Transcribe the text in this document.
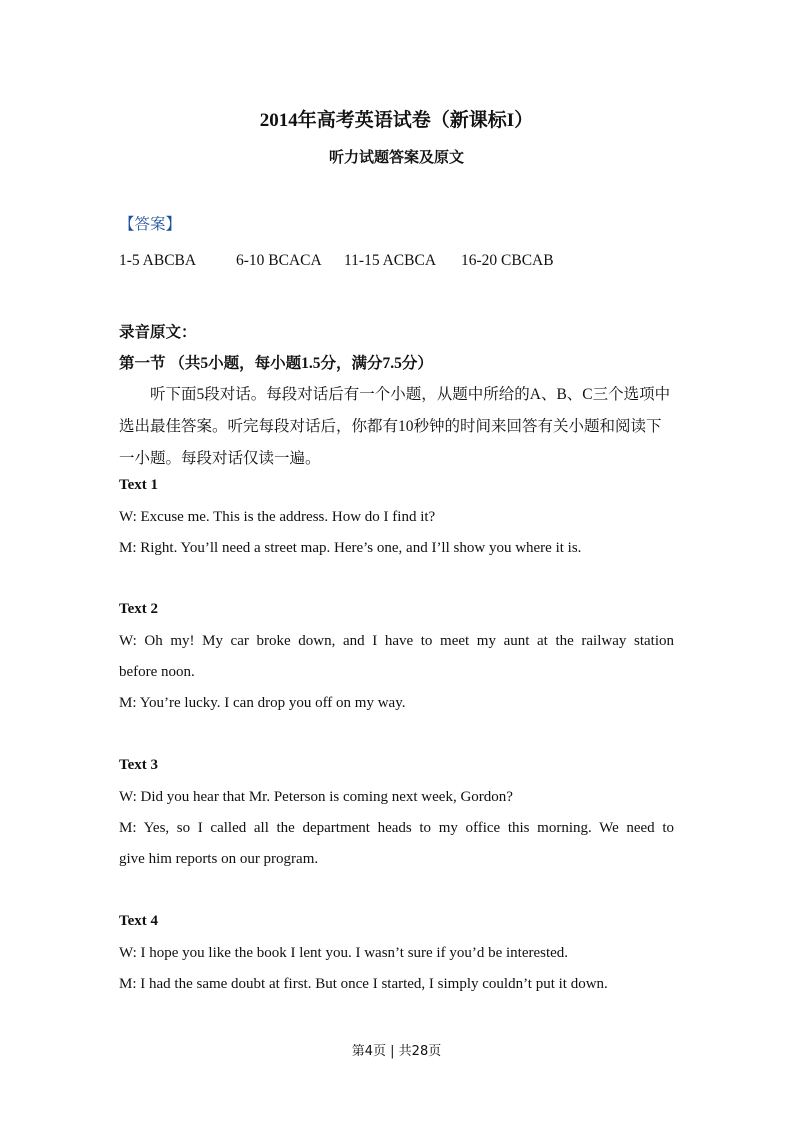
2014年高考英语试卷（新课标I）
听力试题答案及原文
【答案】
1-5 ABCBA	6-10 BCACA 11-15 ACBCA 16-20 CBCAB
录音原文：
第一节 （共5小题，每小题1.5分，满分7.5分）
听下面5段对话。每段对话后有一个小题，从题中所给的A、B、C三个选项中选出最佳答案。听完每段对话后，你都有10秒钟的时间来回答有关小题和阅读下一小题。每段对话仅读一遍。
Text 1
W: Excuse me. This is the address. How do I find it?
M: Right. You’ll need a street map. Here’s one, and I’ll show you where it is.
Text 2
W: Oh my! My car broke down, and I have to meet my aunt at the railway station
before noon.
M: You’re lucky. I can drop you off on my way.
Text 3
W: Did you hear that Mr. Peterson is coming next week, Gordon?
M: Yes, so I called all the department heads to my office this morning. We need to
give him reports on our program.
Text 4
W: I hope you like the book I lent you. I wasn’t sure if you’d be interested.
M: I had the same doubt at first. But once I started, I simply couldn’t put it down.
第4页 | 共28页
